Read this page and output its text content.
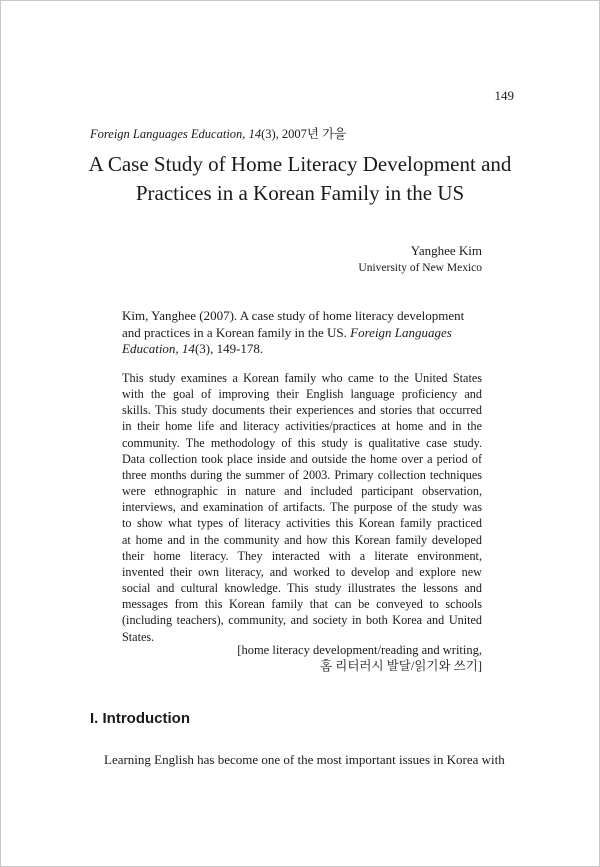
149
Foreign Languages Education, 14(3), 2007년 가을
A Case Study of Home Literacy Development and
Practices in a Korean Family in the US
Yanghee Kim
University of New Mexico
Kim, Yanghee (2007). A case study of home literacy development
and practices in a Korean family in the US. Foreign Languages
Education, 14(3), 149-178.
This study examines a Korean family who came to the United States
with the goal of improving their English language proficiency and
skills. This study documents their experiences and stories that occurred
in their home life and literacy activities/practices at home and in the
community. The methodology of this study is qualitative case study.
Data collection took place inside and outside the home over a period of
three months during the summer of 2003. Primary collection techniques
were ethnographic in nature and included participant observation,
interviews, and examination of artifacts. The purpose of the study was
to show what types of literacy activities this Korean family practiced
at home and in the community and how this Korean family developed
their home literacy. They interacted with a literate environment,
invented their own literacy, and worked to develop and explore new
social and cultural knowledge. This study illustrates the lessons and
messages from this Korean family that can be conveyed to schools
(including teachers), community, and society in both Korea and United
States.
[home literacy development/reading and writing,
홈 리터러시 발달/읽기와 쓰기]
I. Introduction
Learning English has become one of the most important issues in Korea with
